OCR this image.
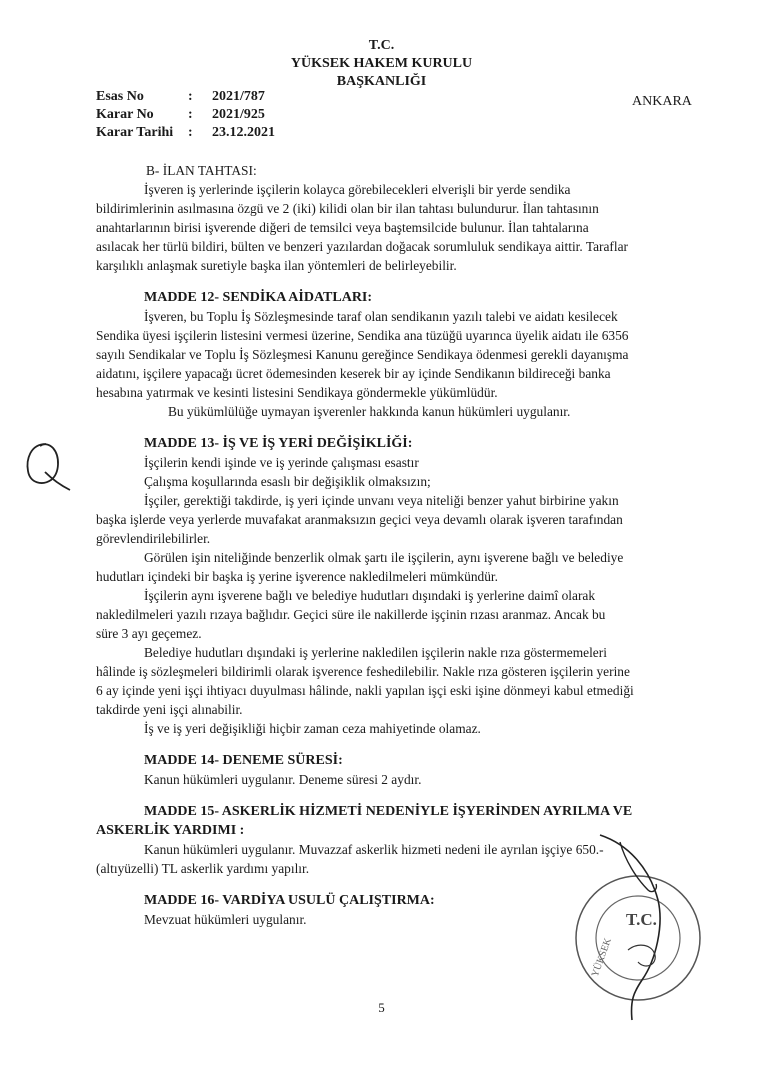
T.C.
YÜKSEK HAKEM KURULU
BAŞKANLIĞI
Esas No	:	2021/787
Karar No	:	2021/925
Karar Tarihi	:	23.12.2021
ANKARA
B- İLAN TAHTASI:
İşveren iş yerlerinde işçilerin kolayca görebilecekleri elverişli bir yerde sendika
bildirimlerinin asılmasına özgü ve 2 (iki) kilidi olan bir ilan tahtası bulundurur. İlan tahtasının
anahtarlarının birisi işverende diğeri de temsilci veya baştemsilcide bulunur. İlan tahtalarına
asılacak her türlü bildiri, bülten ve benzeri yazılardan doğacak sorumluluk sendikaya aittir. Taraflar
karşılıklı anlaşmak suretiyle başka ilan yöntemleri de belirleyebilir.
MADDE 12- SENDİKA AİDATLARI:
İşveren, bu Toplu İş Sözleşmesinde taraf olan sendikanın yazılı talebi ve aidatı kesilecek
Sendika üyesi işçilerin listesini vermesi üzerine, Sendika ana tüzüğü uyarınca üyelik aidatı ile 6356
sayılı Sendikalar ve Toplu İş Sözleşmesi Kanunu gereğince Sendikaya ödenmesi gerekli dayanışma
aidatını, işçilere yapacağı ücret ödemesinden keserek bir ay içinde Sendikanın bildireceği banka
hesabına yatırmak ve kesinti listesini Sendikaya göndermekle yükümlüdür.
Bu yükümlülüğe uymayan işverenler hakkında kanun hükümleri uygulanır.
MADDE 13- İŞ VE İŞ YERİ DEĞİŞİKLİĞİ:
İşçilerin kendi işinde ve iş yerinde çalışması esastır
Çalışma koşullarında esaslı bir değişiklik olmaksızın;
İşçiler, gerektiği takdirde, iş yeri içinde unvanı veya niteliği benzer yahut birbirine yakın
başka işlerde veya yerlerde muvafakat aranmaksızın geçici veya devamlı olarak işveren tarafından
görevlendirilebilirler.
Görülen işin niteliğinde benzerlik olmak şartı ile işçilerin, aynı işverene bağlı ve belediye
hudutları içindeki bir başka iş yerine işverence nakledilmeleri mümkündür.
İşçilerin aynı işverene bağlı ve belediye hudutları dışındaki iş yerlerine daimî olarak
nakledilmeleri yazılı rızaya bağlıdır. Geçici süre ile nakillerde işçinin rızası aranmaz. Ancak bu
süre 3 ayı geçemez.
Belediye hudutları dışındaki iş yerlerine nakledilen işçilerin nakle rıza göstermemeleri
hâlinde iş sözleşmeleri bildirimli olarak işverence feshedilebilir. Nakle rıza gösteren işçilerin yerine
6 ay içinde yeni işçi ihtiyacı duyulması hâlinde, nakli yapılan işçi eski işine dönmeyi kabul etmediği
takdirde yeni işçi alınabilir.
İş ve iş yeri değişikliği hiçbir zaman ceza mahiyetinde olamaz.
MADDE 14- DENEME SÜRESİ:
Kanun hükümleri uygulanır. Deneme süresi 2 aydır.
MADDE 15- ASKERLİK HİZMETİ NEDENİYLE İŞYERİNDEN AYRILMA VE
ASKERLİK YARDIMI :
Kanun hükümleri uygulanır. Muvazzaf askerlik hizmeti nedeni ile ayrılan işçiye 650.-
(altıyüzelli) TL askerlik yardımı yapılır.
MADDE 16- VARDİYA USULÜ ÇALIŞTIRMA:
Mevzuat hükümleri uygulanır.
5
T.C.
YÜKSEK
